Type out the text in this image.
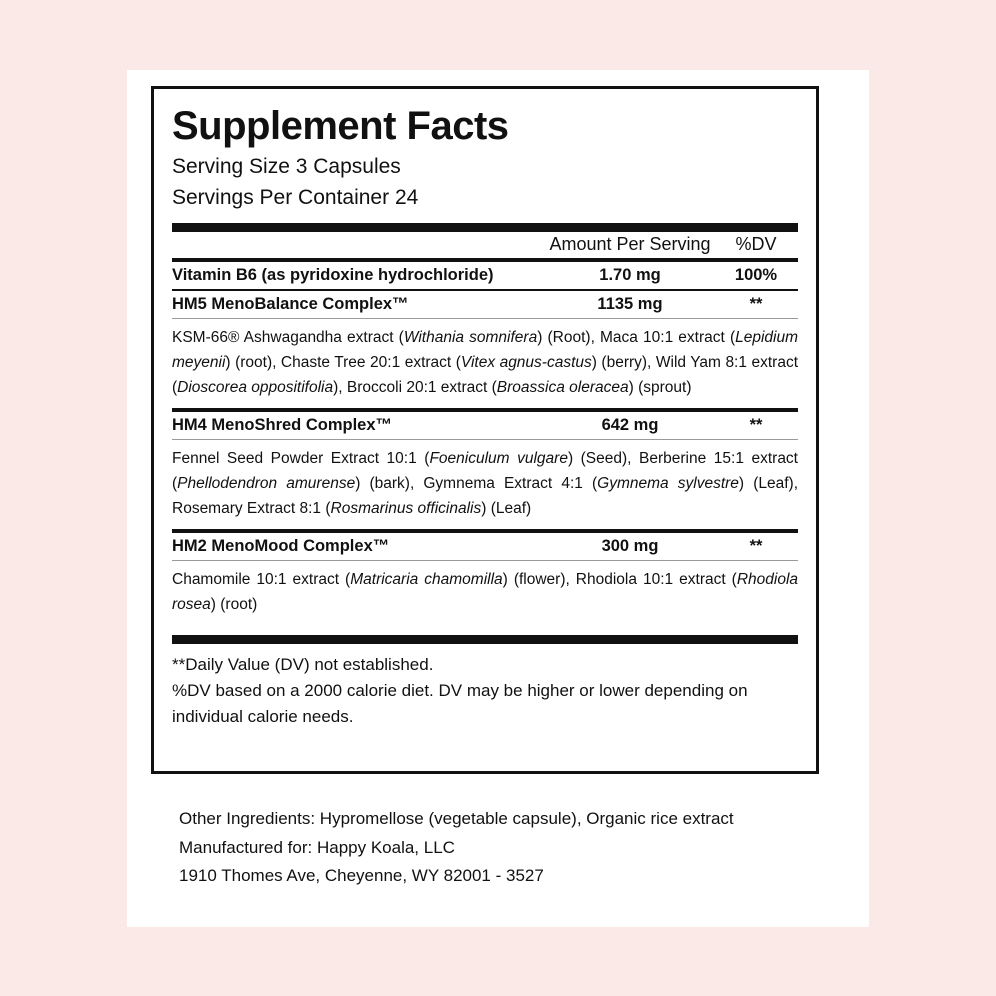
Supplement Facts
Serving Size 3 Capsules
Servings Per Container 24
Amount Per Serving	%DV
Vitamin B6 (as pyridoxine hydrochloride)	1.70 mg	100%
HM5 MenoBalance Complex™	1135 mg	**
KSM-66® Ashwagandha extract (Withania somnifera) (Root), Maca 10:1 extract (Lepidium meyenii) (root), Chaste Tree 20:1 extract (Vitex agnus-castus) (berry), Wild Yam 8:1 extract (Dioscorea oppositifolia), Broccoli 20:1 extract (Broassica oleracea) (sprout)
HM4 MenoShred Complex™	642 mg	**
Fennel Seed Powder Extract 10:1 (Foeniculum vulgare) (Seed), Berberine 15:1 extract (Phellodendron amurense) (bark), Gymnema Extract 4:1 (Gymnema sylvestre) (Leaf), Rosemary Extract 8:1 (Rosmarinus officinalis) (Leaf)
HM2 MenoMood Complex™	300 mg	**
Chamomile 10:1 extract (Matricaria chamomilla) (flower), Rhodiola 10:1 extract (Rhodiola rosea) (root)
**Daily Value (DV) not established.
%DV based on a 2000 calorie diet. DV may be higher or lower depending on individual calorie needs.
Other Ingredients: Hypromellose (vegetable capsule), Organic rice extract
Manufactured for: Happy Koala, LLC
1910 Thomes Ave, Cheyenne, WY 82001 - 3527
